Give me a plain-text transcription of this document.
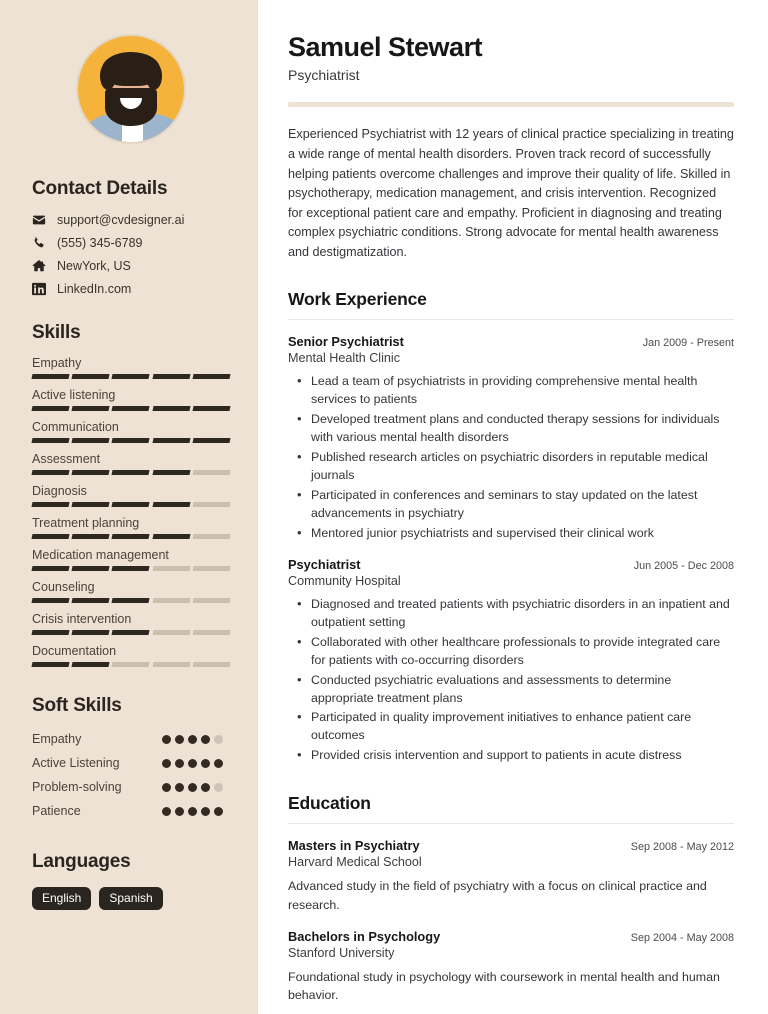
Contact Details
support@cvdesigner.ai
(555) 345-6789
NewYork, US
LinkedIn.com
Skills
Empathy
Active listening
Communication
Assessment
Diagnosis
Treatment planning
Medication management
Counseling
Crisis intervention
Documentation
Soft Skills
Empathy
Active Listening
Problem-solving
Patience
Languages
English	Spanish
Samuel Stewart
Psychiatrist

Experienced Psychiatrist with 12 years of clinical practice specializing in treating a wide range of mental health disorders. Proven track record of successfully helping patients overcome challenges and improve their quality of life. Skilled in psychotherapy, medication management, and crisis intervention. Recognized for exceptional patient care and empathy. Proficient in diagnosing and treating complex psychiatric conditions. Strong advocate for mental health awareness and destigmatization.

Work Experience
Senior Psychiatrist	Jan 2009 - Present
Mental Health Clinic
• Lead a team of psychiatrists in providing comprehensive mental health services to patients
• Developed treatment plans and conducted therapy sessions for individuals with various mental health disorders
• Published research articles on psychiatric disorders in reputable medical journals
• Participated in conferences and seminars to stay updated on the latest advancements in psychiatry
• Mentored junior psychiatrists and supervised their clinical work
Psychiatrist	Jun 2005 - Dec 2008
Community Hospital
• Diagnosed and treated patients with psychiatric disorders in an inpatient and outpatient setting
• Collaborated with other healthcare professionals to provide integrated care for patients with co-occurring disorders
• Conducted psychiatric evaluations and assessments to determine appropriate treatment plans
• Participated in quality improvement initiatives to enhance patient care outcomes
• Provided crisis intervention and support to patients in acute distress
Education
Masters in Psychiatry	Sep 2008 - May 2012
Harvard Medical School
Advanced study in the field of psychiatry with a focus on clinical practice and research.
Bachelors in Psychology	Sep 2004 - May 2008
Stanford University
Foundational study in psychology with coursework in mental health and human behavior.
